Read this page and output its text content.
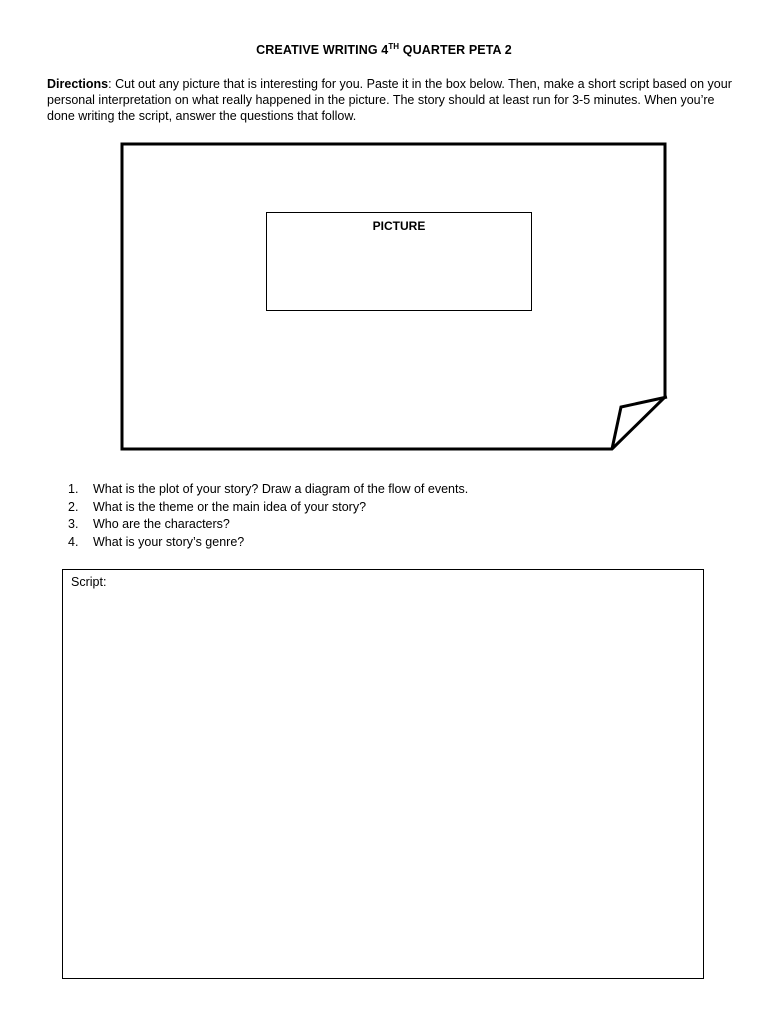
CREATIVE WRITING 4TH QUARTER PETA 2
Directions: Cut out any picture that is interesting for you. Paste it in the box below. Then, make a short script based on your personal interpretation on what really happened in the picture. The story should at least run for 3-5 minutes. When you’re done writing the script, answer the questions that follow.
PICTURE
1. What is the plot of your story? Draw a diagram of the flow of events.
2. What is the theme or the main idea of your story?
3. Who are the characters?
4. What is your story’s genre?
Script:
